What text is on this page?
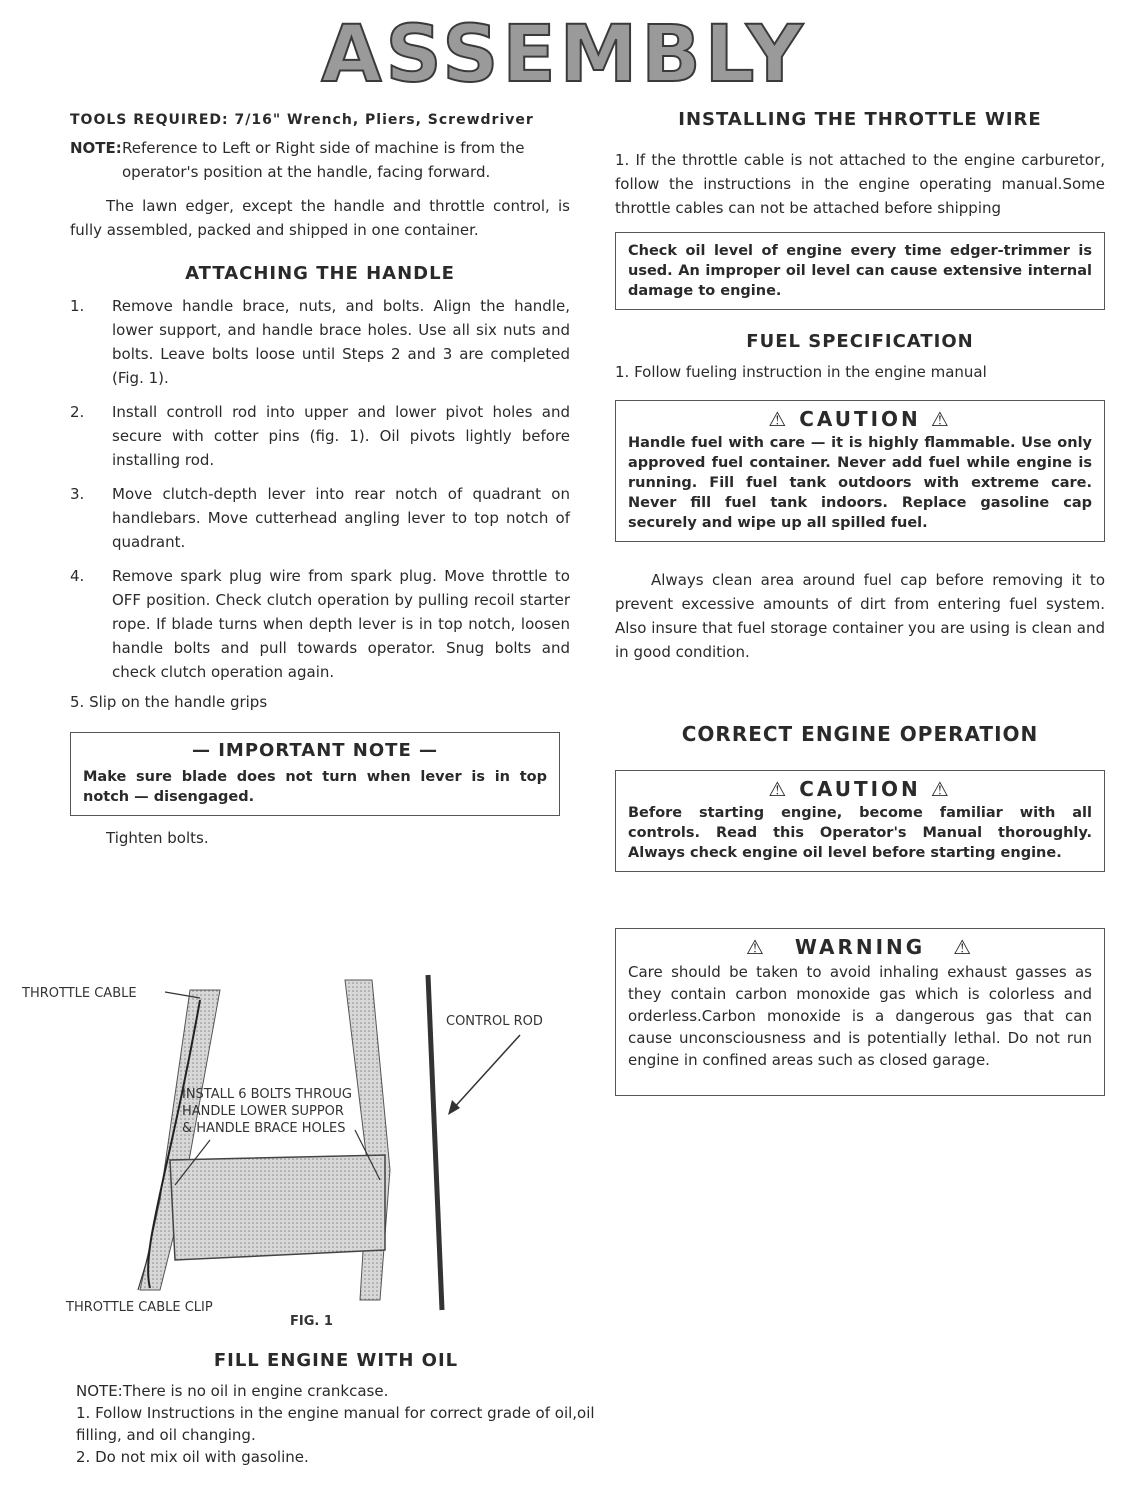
ASSEMBLY
TOOLS REQUIRED: 7/16" Wrench, Pliers, Screwdriver
NOTE: Reference to Left or Right side of machine is from the operator's position at the handle, facing forward.
The lawn edger, except the handle and throttle control, is fully assembled, packed and shipped in one container.
ATTACHING THE HANDLE
1.	Remove handle brace, nuts, and bolts. Align the handle, lower support, and handle brace holes. Use all six nuts and bolts. Leave bolts loose until Steps 2 and 3 are completed (Fig. 1).
2.	Install controll rod into upper and lower pivot holes and secure with cotter pins (fig. 1). Oil pivots lightly before installing rod.
3.	Move clutch-depth lever into rear notch of quadrant on handlebars. Move cutterhead angling lever to top notch of quadrant.
4.	Remove spark plug wire from spark plug. Move throttle to OFF position. Check clutch operation by pulling recoil starter rope. If blade turns when depth lever is in top notch, loosen handle bolts and pull towards operator. Snug bolts and check clutch operation again.
5. Slip on the handle grips
— IMPORTANT NOTE —
Make sure blade does not turn when lever is in top notch — disengaged.
Tighten bolts.
THROTTLE CABLE
CONTROL ROD
INSTALL 6 BOLTS THROUG
HANDLE LOWER SUPPOR
& HANDLE BRACE HOLES
THROTTLE CABLE CLIP
FIG. 1
FILL ENGINE WITH OIL
NOTE:There is no oil in engine crankcase.
1. Follow Instructions in the engine manual for correct grade of oil,oil filling, and oil changing.
2. Do not mix oil with gasoline.
INSTALLING THE THROTTLE WIRE
1. If the throttle cable is not attached to the engine carburetor, follow the instructions in the engine operating manual.Some throttle cables can not be attached before shipping
Check oil level of engine every time edger-trimmer is used. An improper oil level can cause extensive internal damage to engine.
FUEL SPECIFICATION
1. Follow fueling instruction in the engine manual
⚠ CAUTION ⚠
Handle fuel with care — it is highly flammable. Use only approved fuel container. Never add fuel while engine is running. Fill fuel tank outdoors with extreme care. Never fill fuel tank indoors. Replace gasoline cap securely and wipe up all spilled fuel.
Always clean area around fuel cap before removing it to prevent excessive amounts of dirt from entering fuel system. Also insure that fuel storage container you are using is clean and in good condition.
CORRECT ENGINE OPERATION
⚠ CAUTION ⚠
Before starting engine, become familiar with all controls. Read this Operator's Manual thoroughly. Always check engine oil level before starting engine.
⚠ WARNING ⚠
Care should be taken to avoid inhaling exhaust gasses as they contain carbon monoxide gas which is colorless and orderless.Carbon monoxide is a dangerous gas that can cause unconsciousness and is potentially lethal. Do not run engine in confined areas such as closed garage.
